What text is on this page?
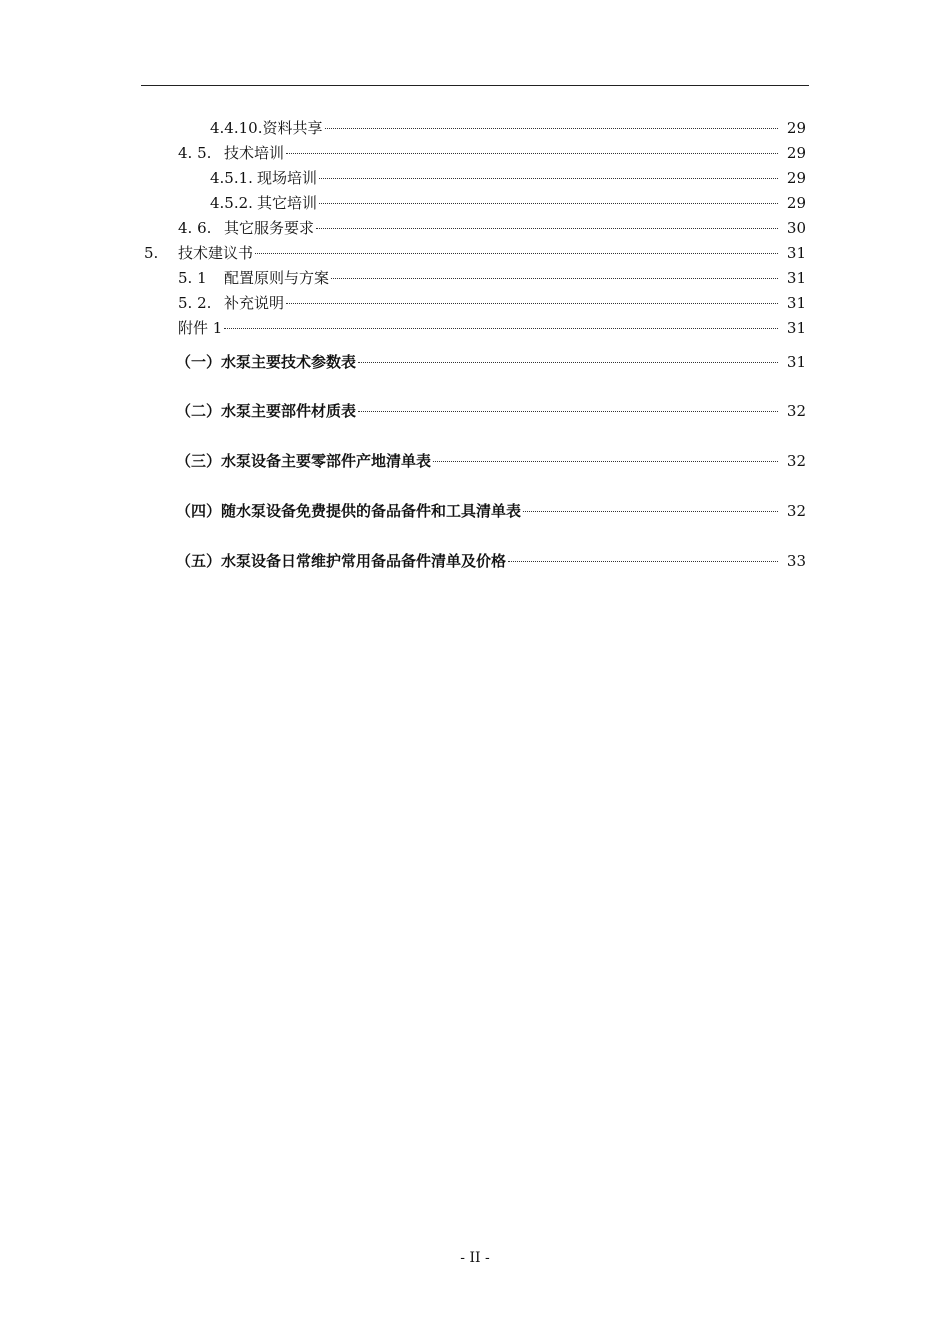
4.4.10. 资料共享	29
4. 5. 技术培训	29
4.5.1. 现场培训	29
4.5.2. 其它培训	29
4. 6. 其它服务要求	30
5.	技术建议书	31
5. 1	配置原则与方案	31
5. 2. 补充说明	31
附件 1	31
（一）水泵主要技术参数表	31
（二）水泵主要部件材质表	32
（三）水泵设备主要零部件产地清单表	32
（四）随水泵设备免费提供的备品备件和工具清单表	32
（五）水泵设备日常维护常用备品备件清单及价格	33
- II -
